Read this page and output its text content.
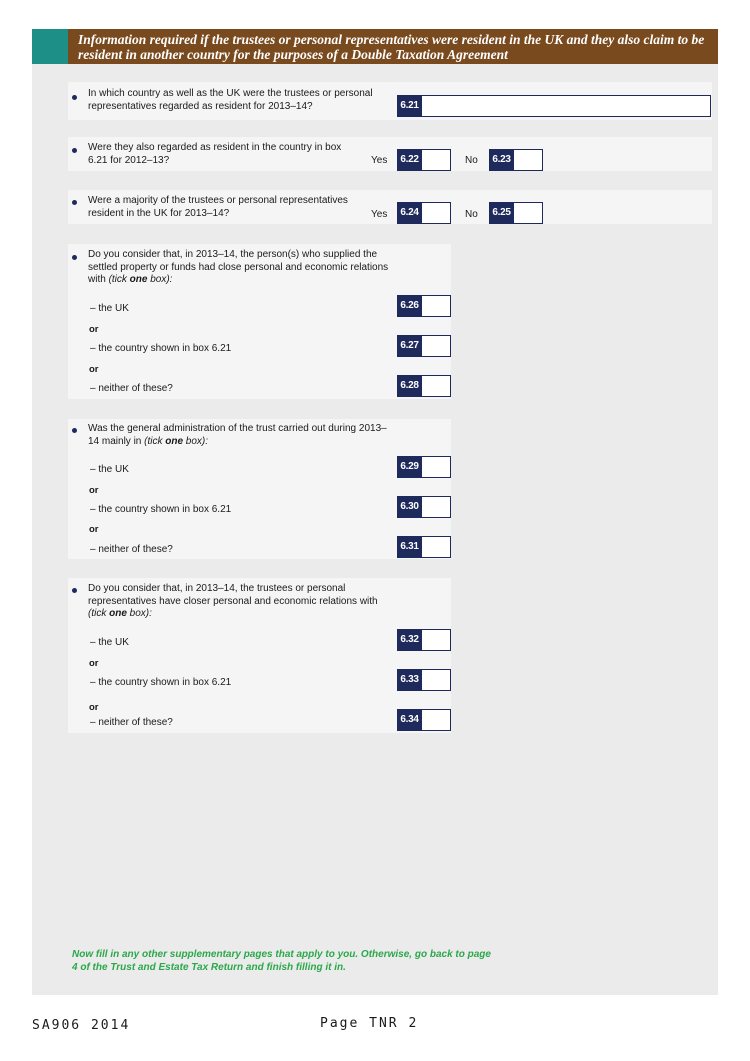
Information required if the trustees or personal representatives were resident in the UK and they also claim to be resident in another country for the purposes of a Double Taxation Agreement
In which country as well as the UK were the trustees or personal representatives regarded as resident for 2013–14?	6.21
Were they also regarded as resident in the country in box 6.21 for 2012–13?	Yes	6.22	No	6.23
Were a majority of the trustees or personal representatives resident in the UK for 2013–14?	Yes	6.24	No	6.25
Do you consider that, in 2013–14, the person(s) who supplied the settled property or funds had close personal and economic relations with (tick one box):
– the UK	6.26
or
– the country shown in box 6.21	6.27
or
– neither of these?	6.28
Was the general administration of the trust carried out during 2013–14 mainly in (tick one box):
– the UK	6.29
or
– the country shown in box 6.21	6.30
or
– neither of these?	6.31
Do you consider that, in 2013–14, the trustees or personal representatives have closer personal and economic relations with (tick one box):
– the UK	6.32
or
– the country shown in box 6.21	6.33
or
– neither of these?	6.34
Now fill in any other supplementary pages that apply to you. Otherwise, go back to page 4 of the Trust and Estate Tax Return and finish filling it in.
SA906 2014	Page TNR 2
